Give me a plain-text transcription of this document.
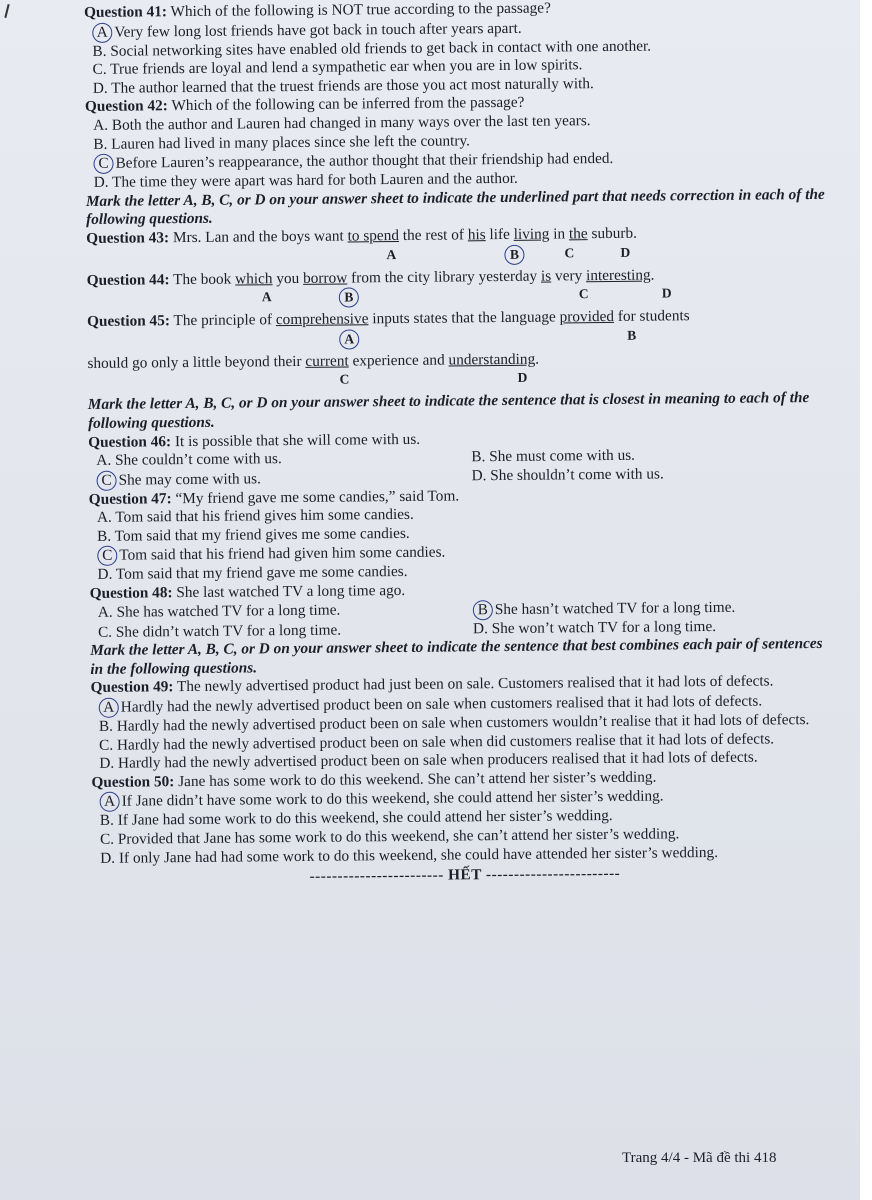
Question 41: Which of the following is NOT true according to the passage?

A Very few long lost friends have got back in touch after years apart.

B. Social networking sites have enabled old friends to get back in contact with one another.

C. True friends are loyal and lend a sympathetic ear when you are in low spirits.

D. The author learned that the truest friends are those you act most naturally with.

Question 42: Which of the following can be inferred from the passage?

A. Both the author and Lauren had changed in many ways over the last ten years.

B. Lauren had lived in many places since she left the country.

C Before Lauren’s reappearance, the author thought that their friendship had ended.

D. The time they were apart was hard for both Lauren and the author.

Mark the letter A, B, C, or D on your answer sheet to indicate the underlined part that needs correction in each of the following questions.

Question 43: Mrs. Lan and the boys want to spend the rest of his life living in the suburb.

A	B	C	D

Question 44: The book which you borrow from the city library yesterday is very interesting.

A	B	C	D

Question 45: The principle of comprehensive inputs states that the language provided for students

A	B

should go only a little beyond their current experience and understanding.

C	D

Mark the letter A, B, C, or D on your answer sheet to indicate the sentence that is closest in meaning to each of the following questions.

Question 46: It is possible that she will come with us.

A. She couldn’t come with us.	B. She must come with us.
C She may come with us.	D. She shouldn’t come with us.

Question 47: “My friend gave me some candies,” said Tom.

A. Tom said that his friend gives him some candies.

B. Tom said that my friend gives me some candies.

C Tom said that his friend had given him some candies.

D. Tom said that my friend gave me some candies.

Question 48: She last watched TV a long time ago.

A. She has watched TV for a long time.	B She hasn’t watched TV for a long time.
C. She didn’t watch TV for a long time.	D. She won’t watch TV for a long time.

Mark the letter A, B, C, or D on your answer sheet to indicate the sentence that best combines each pair of sentences in the following questions.

Question 49: The newly advertised product had just been on sale. Customers realised that it had lots of defects.

A Hardly had the newly advertised product been on sale when customers realised that it had lots of defects.

B. Hardly had the newly advertised product been on sale when customers wouldn’t realise that it had lots of defects.

C. Hardly had the newly advertised product been on sale when did customers realise that it had lots of defects.

D. Hardly had the newly advertised product been on sale when producers realised that it had lots of defects.

Question 50: Jane has some work to do this weekend. She can’t attend her sister’s wedding.

A If Jane didn’t have some work to do this weekend, she could attend her sister’s wedding.

B. If Jane had some work to do this weekend, she could attend her sister’s wedding.

C. Provided that Jane has some work to do this weekend, she can’t attend her sister’s wedding.

D. If only Jane had had some work to do this weekend, she could have attended her sister’s wedding.

------------------------ HẾT ------------------------

Trang 4/4 - Mã đề thi 418
